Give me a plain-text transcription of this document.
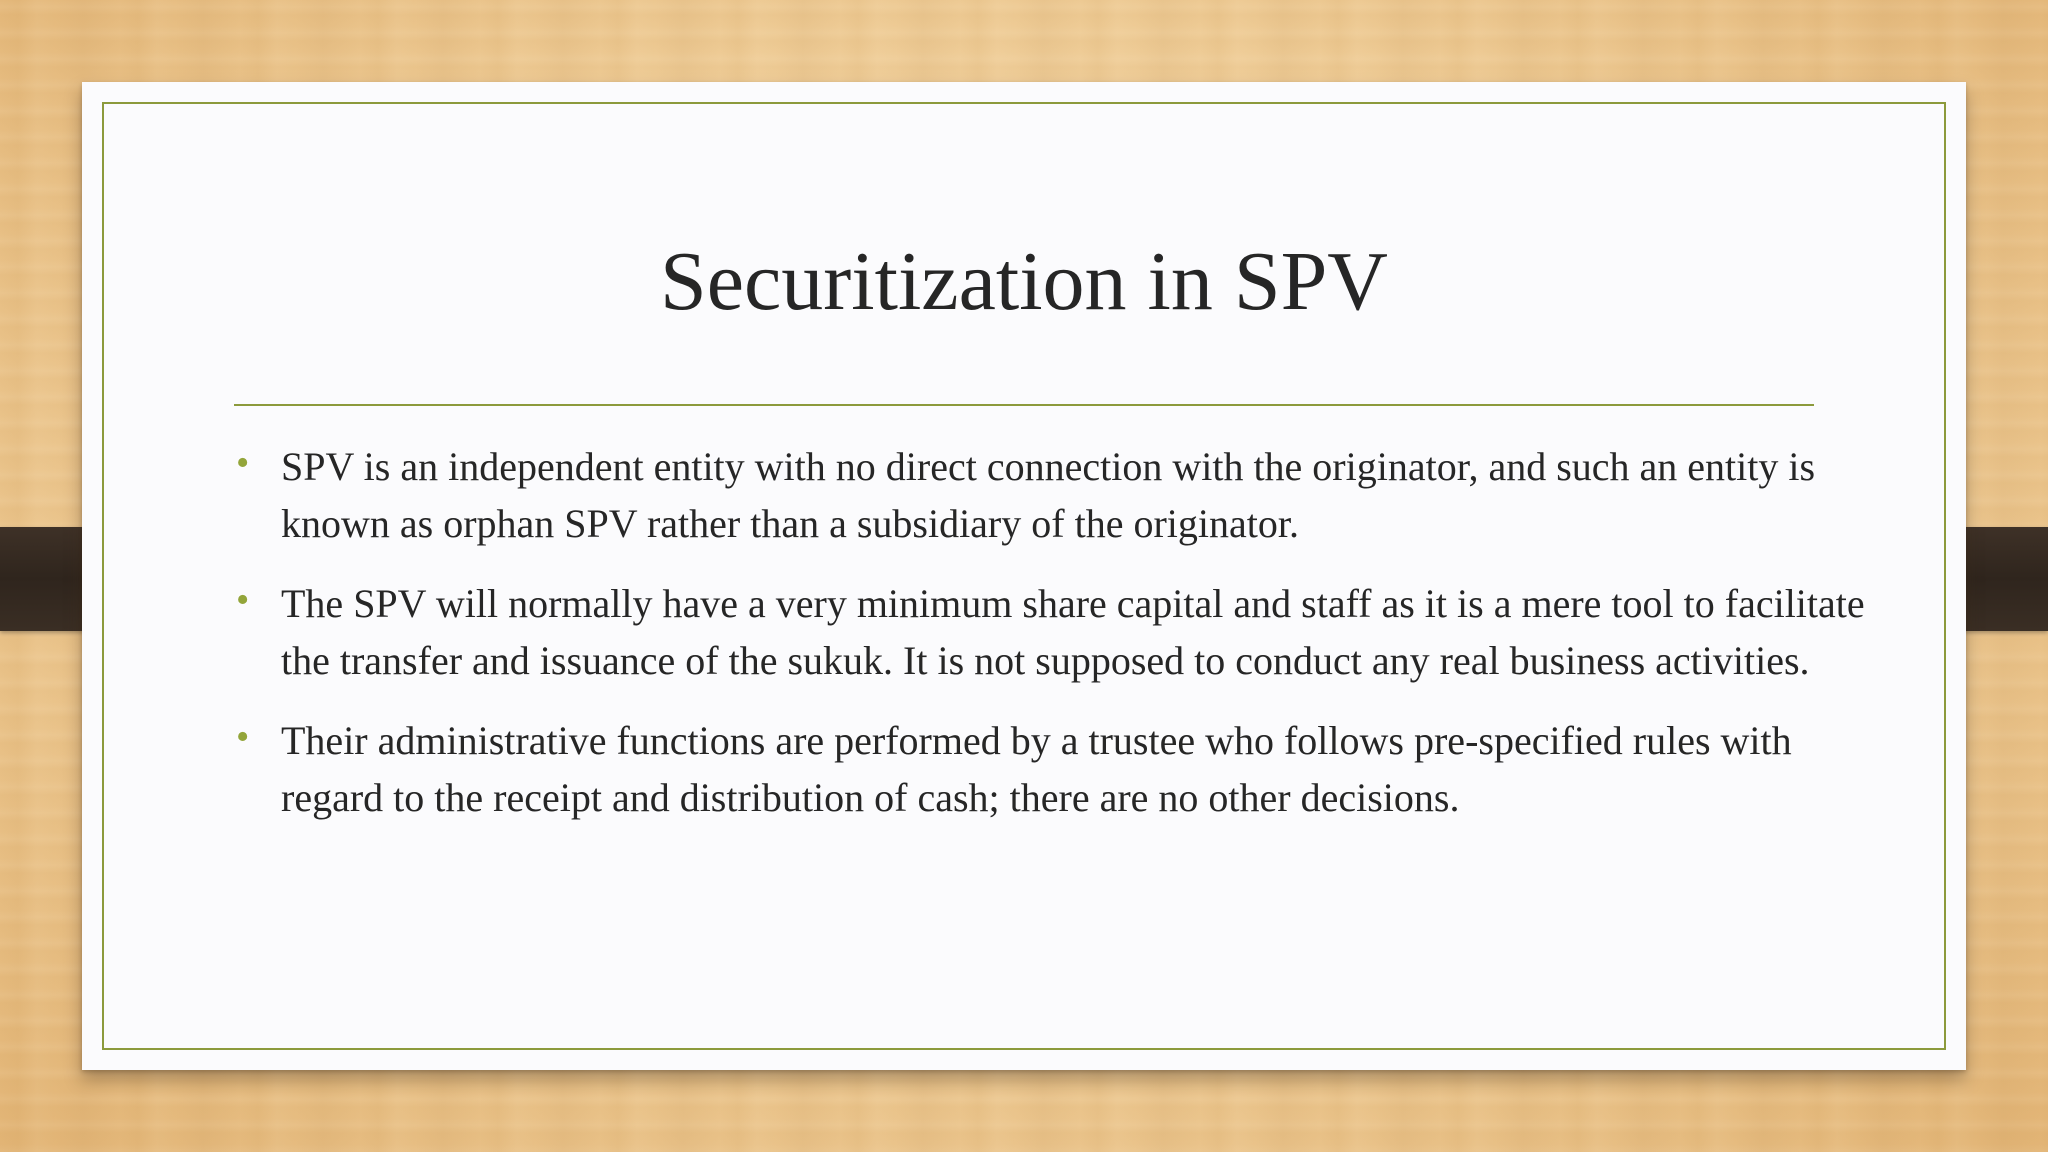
Securitization in SPV
• SPV is an independent entity with no direct connection with the originator, and such an entity is known as orphan SPV rather than a subsidiary of the originator.
• The SPV will normally have a very minimum share capital and staff as it is a mere tool to facilitate the transfer and issuance of the sukuk. It is not supposed to conduct any real business activities.
• Their administrative functions are performed by a trustee who follows pre-specified rules with regard to the receipt and distribution of cash; there are no other decisions.
